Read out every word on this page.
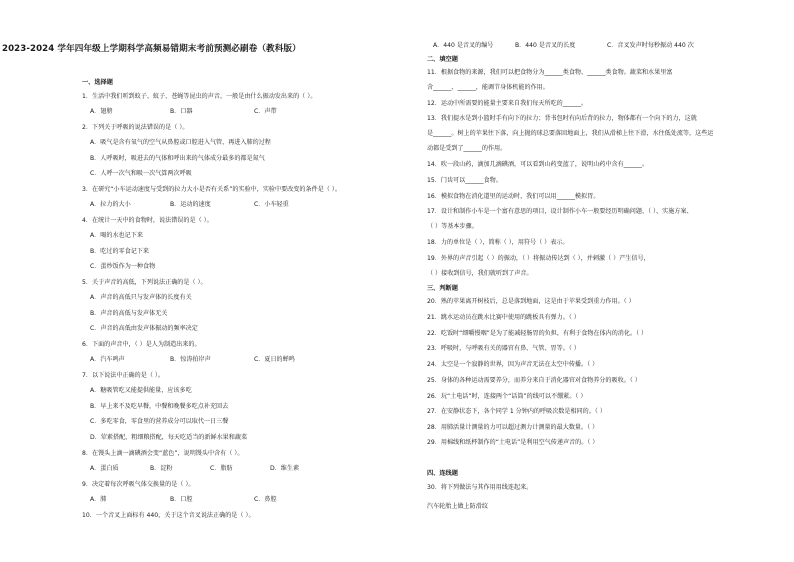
2023-2024 学年四年级上学期科学高频易错期末考前预测必刷卷（教科版）
一、选择题
1．生活中我们听到蚊子、蚊子、苍蝇等昆虫的声音，一般是由什么振动发出来的（ ）。
A．翅膀	B．口器	C．声带
2．下列关于呼吸的说法错误的是（ ）。
A．吸气是含有氧气的空气从鼻腔或口腔进入气管，再进入肺的过程
B．人呼吸时，吸进去的气体和呼出来的气体成分最多的都是氮气
C．人呼一次气和吸一次气算两次呼吸
3．在研究“小车运动速度与受到的拉力大小是否有关系”的实验中，实验中要改变的条件是（ ）。
A．拉力的大小	B．运动的速度	C．小车轻重
4．在统计一天中的食物时，说法错误的是（ ）。
A．喝的水也记下来
B．吃过的零食记下来
C．蛋炒饭作为一种食物
5．关于声音的高低，下列说法正确的是（ ）。
A．声音的高低只与发声体的长度有关
B．声音的高低与发声体无关
C．声音的高低由发声体振动的频率决定
6．下面的声音中，（ ）是人为制造出来的。
A．汽车鸣声	B．惊涛拍岸声	C．夏日的蝉鸣
7．以下说法中正确的是（ ）。
A．糖吸管吃又能提供能量，应该多吃
B．早上来不及吃早餐，中餐和晚餐多吃点补充回去
C．多吃零食，零食里的营养成分可以取代一日三餐
D．荤素搭配，粗细粮搭配，每天吃适当的新鲜水果和蔬菜
8．在馒头上滴一滴碘酒会变“蓝色”，说明馒头中含有（ ）。
A．蛋白质	B．淀粉	C．脂肪	D．维生素
9．决定着每次呼吸气体交换量的是（ ）。
A．肺	B．口腔	C．鼻腔
10．一个音叉上面标有 440，关于这个音叉说法正确的是（ ）。
A．440 是音叉的编号	B．440 是音叉的长度	C．音叉发声时每秒振动 440 次
二、填空题
11．根据食物的来源，我们可以把食物分为______类食物、______类食物。蔬菜和水果里富
含______、______，能调节身体机能的作用。
12．运动中所需要的能量主要来自我们每天所吃的______。
13．我们提水是到小篮时手有向下的拉力；背书包时有向后背的拉力，物体都有一个向下的力，这就
是______。树上的苹果往下落，向上抛的球总要落回地面上，我们从滑梯上往下滑，水往低处流等，这些运
动都是受到了______的作用。
14．吹一段山药，滴加几滴碘酒，可以看到山药变蓝了，说明山药中含有______。
15．门齿可以______食物。
16．模拟食物在消化道里的运动时，我们可以用______模拟胃。
17．设计和制作小车是一个富有意思的项目，设计制作小车一般要经历明确问题、（ ）、实施方案、
（ ）等基本步骤。
18．力的单位是（ ），简称（ ），用符号（ ）表示。
19．外界的声音引起（ ）的振动，（ ）将振动传达到（ ），并刺激（ ）产生信号，
（ ）接收到信号，我们就听到了声音。
三、判断题
20．熟的苹果离开树枝后，总是落到地面，这是由于苹果受到重力作用。（ ）
21．跳水运动员在跳水比赛中使用的跳板具有弹力。（ ）
22．吃饭时“细嚼慢咽”是为了能减轻肠胃的负担，有利于食物在体内的消化。（ ）
23．呼吸时，与呼吸有关的器官有鼻、气管、胃等。（ ）
24．太空是一个寂静的世界，因为声音无法在太空中传播。（ ）
25．身体的各种运动需要养分，而养分来自于消化器官对食物养分的吸收。（ ）
26．玩“土电话”时，连接两个“话筒”的线可以不绷紧。（ ）
27．在安静状态下，各个同学 1 分钟内的呼吸次数是相同的。（ ）
28．用肺活量计测量的力可以超过测力计测量的最大数量。（ ）
29．用棉线和纸杯制作的“土电话”是利用空气传递声音的。（ ）
四、连线题
30．将下列做法与其作用用线连起来。
汽车轮胎上做上防滑纹
